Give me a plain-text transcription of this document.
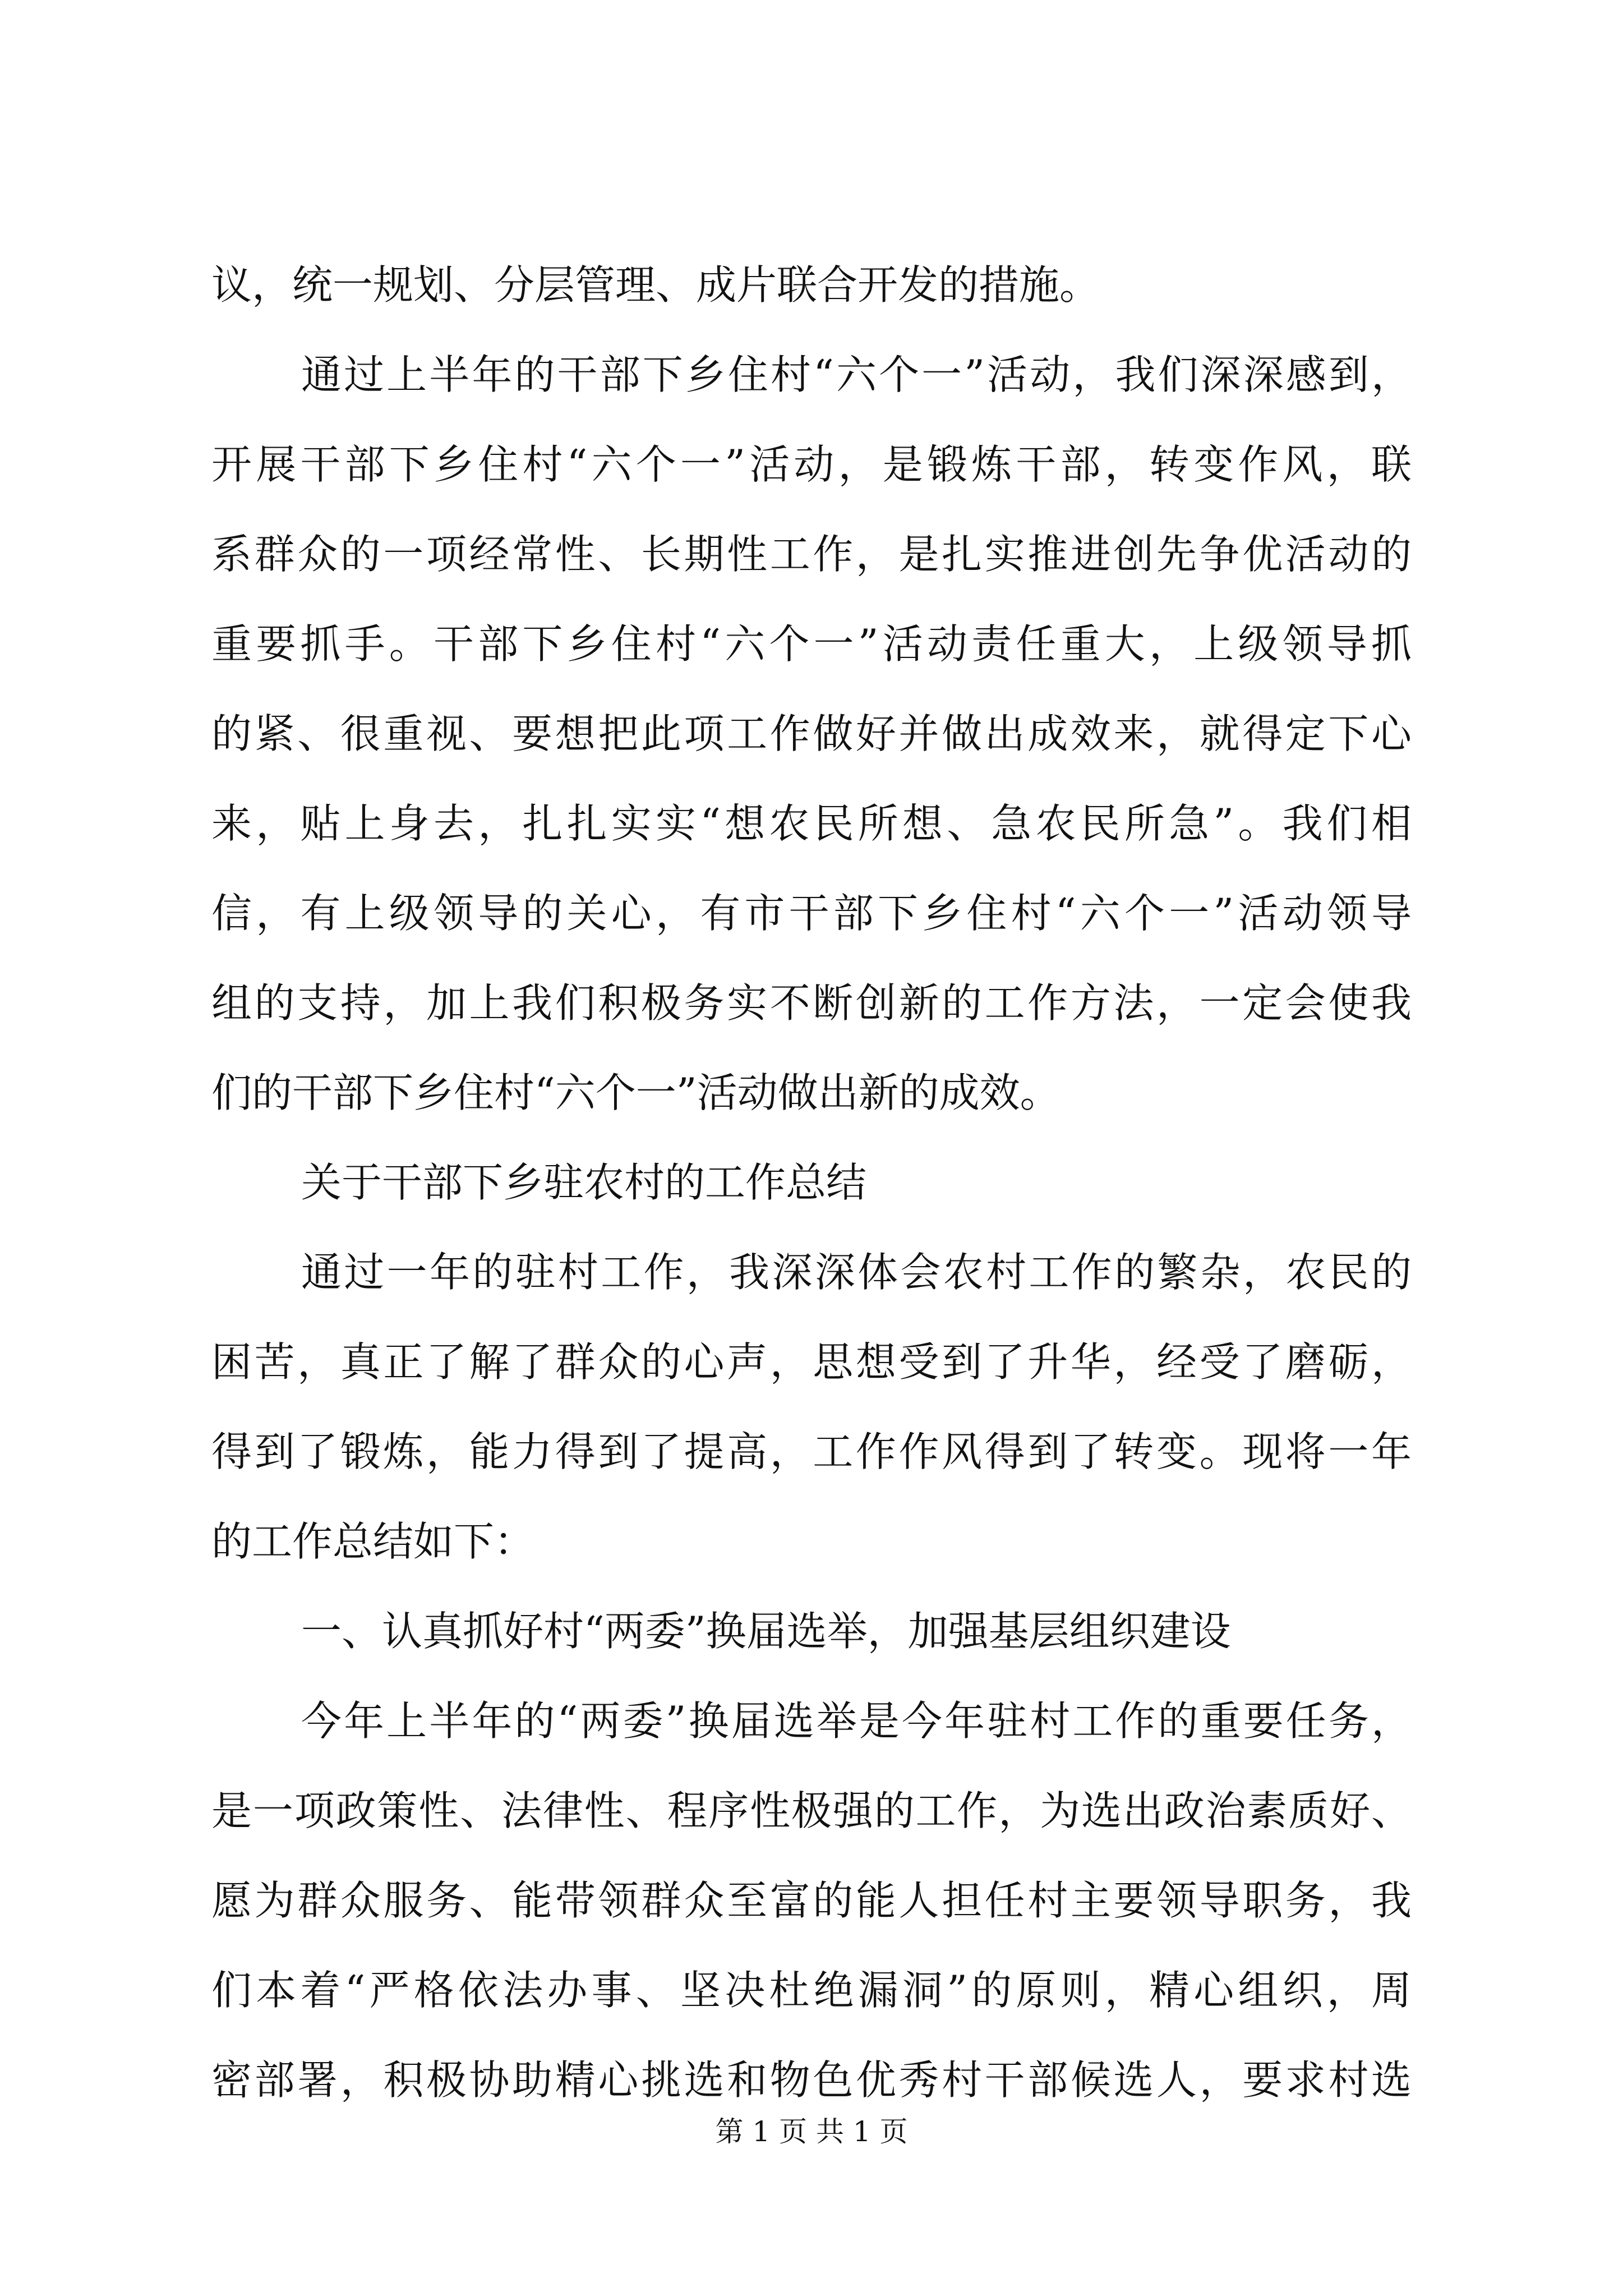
议，统一规划、分层管理、成片联合开发的措施。
通过上半年的干部下乡住村“六个一”活动，我们深深感到，
开展干部下乡住村“六个一”活动，是锻炼干部，转变作风，联
系群众的一项经常性、长期性工作，是扎实推进创先争优活动的
重要抓手。干部下乡住村“六个一”活动责任重大，上级领导抓
的紧、很重视、要想把此项工作做好并做出成效来，就得定下心
来，贴上身去，扎扎实实“想农民所想、急农民所急”。我们相
信，有上级领导的关心，有市干部下乡住村“六个一”活动领导
组的支持，加上我们积极务实不断创新的工作方法，一定会使我
们的干部下乡住村“六个一”活动做出新的成效。
关于干部下乡驻农村的工作总结
通过一年的驻村工作，我深深体会农村工作的繁杂，农民的
困苦，真正了解了群众的心声，思想受到了升华，经受了磨砺，
得到了锻炼，能力得到了提高，工作作风得到了转变。现将一年
的工作总结如下：
一、认真抓好村“两委”换届选举，加强基层组织建设
今年上半年的“两委”换届选举是今年驻村工作的重要任务，
是一项政策性、法律性、程序性极强的工作，为选出政治素质好、
愿为群众服务、能带领群众至富的能人担任村主要领导职务，我
们本着“严格依法办事、坚决杜绝漏洞”的原则，精心组织，周
密部署，积极协助精心挑选和物色优秀村干部候选人，要求村选
第 1 页 共 1 页
